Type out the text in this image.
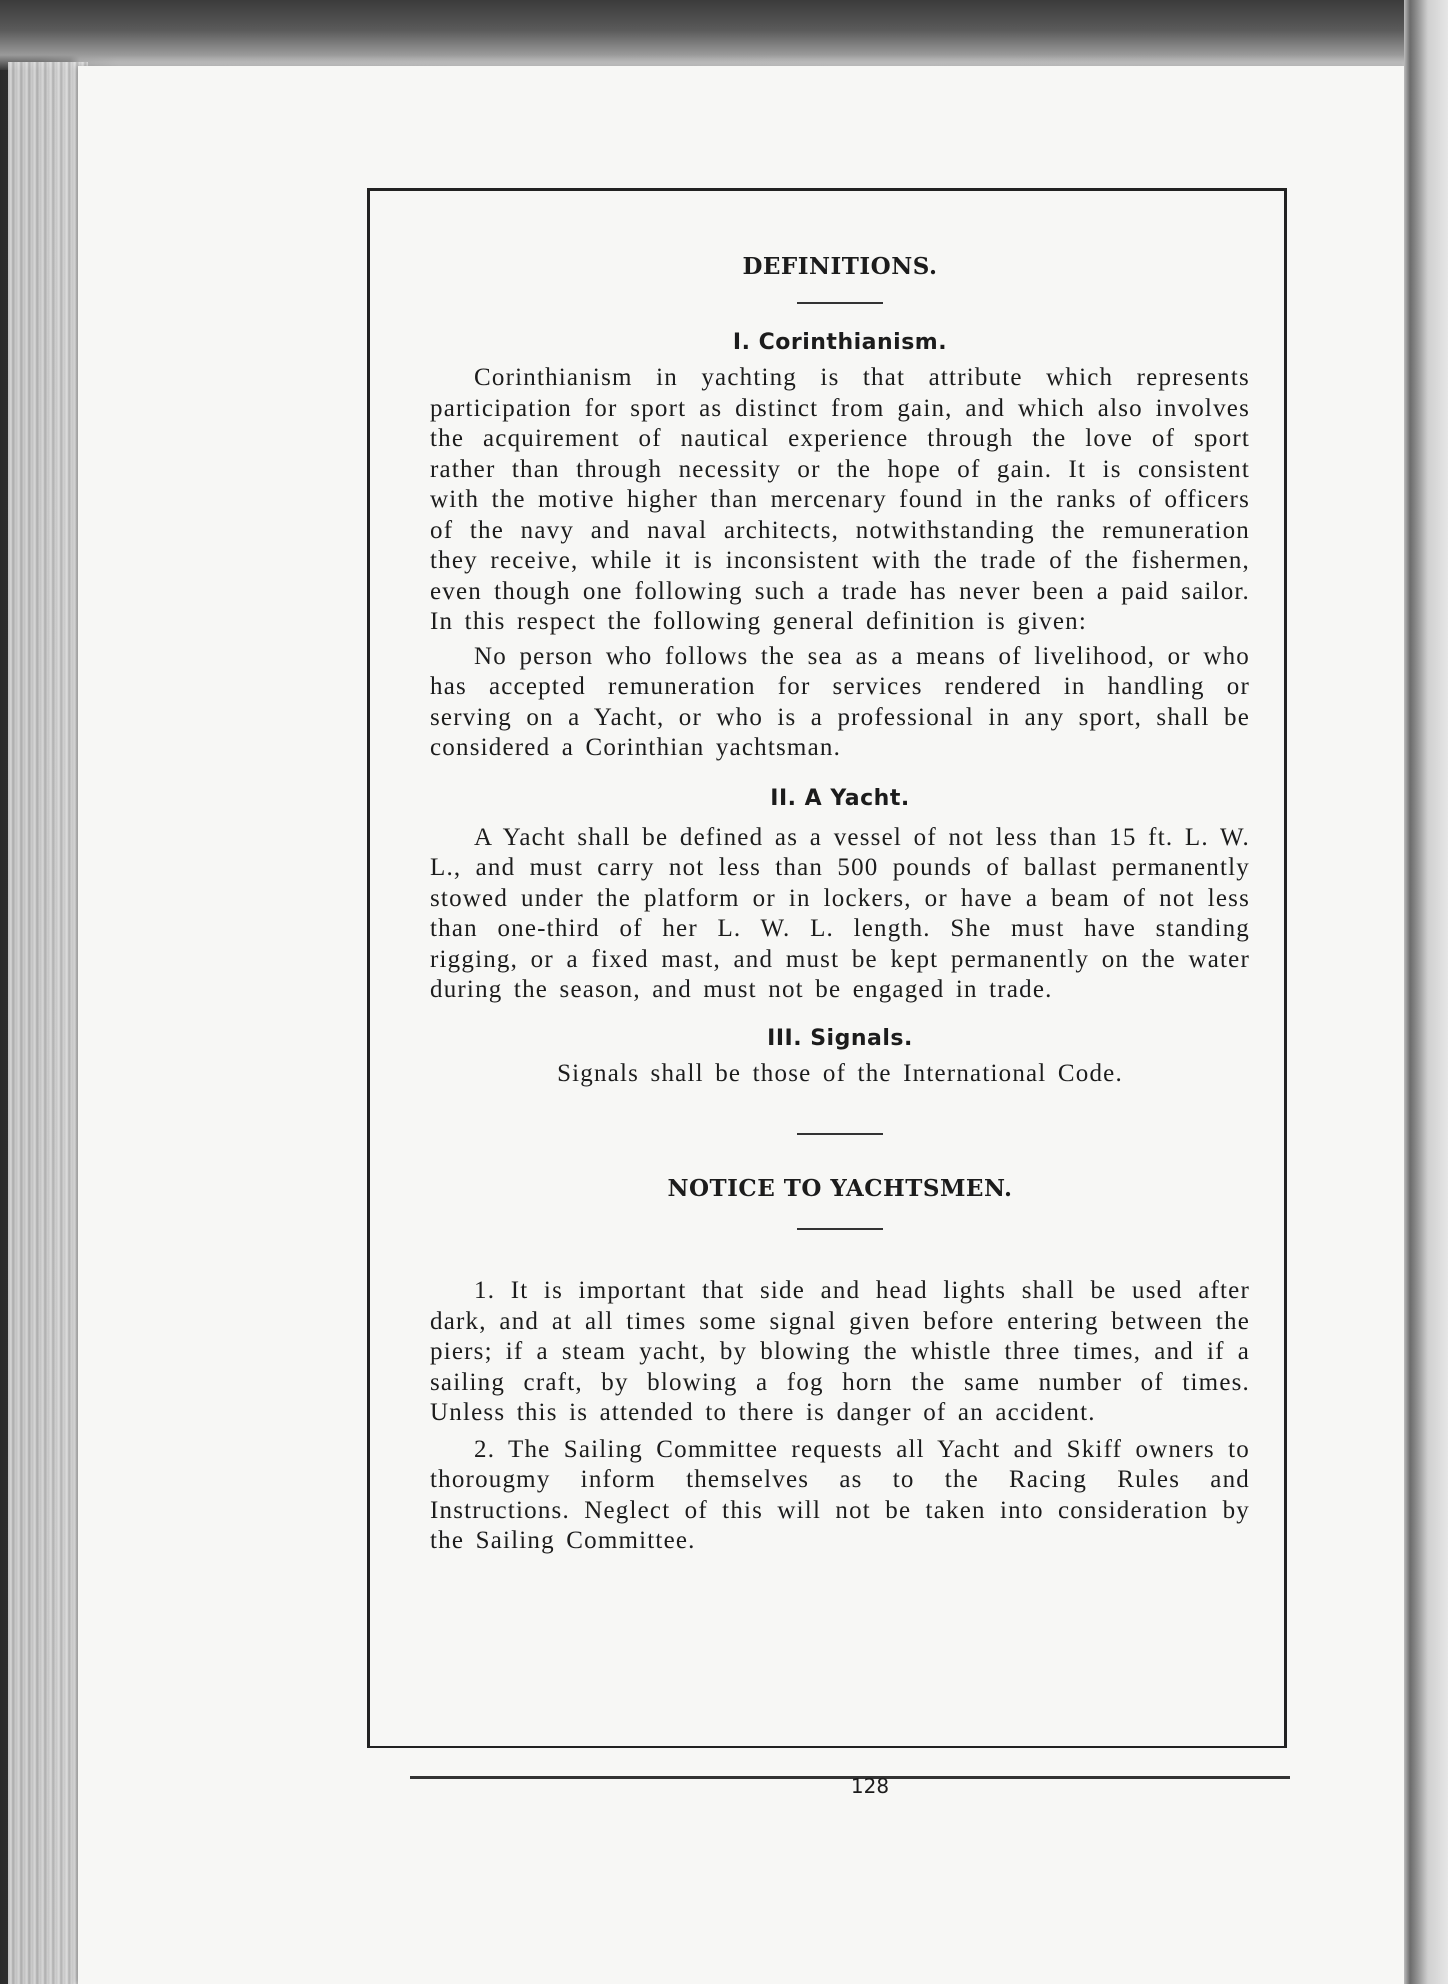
DEFINITIONS.
I. Corinthianism.

Corinthianism in yachting is that attribute which represents participation for sport as distinct from gain, and which also involves the acquirement of nautical experience through the love of sport rather than through necessity or the hope of gain. It is consistent with the motive higher than mercenary found in the ranks of officers of the navy and naval architects, notwithstanding the remuneration they receive, while it is inconsistent with the trade of the fishermen, even though one following such a trade has never been a paid sailor. In this respect the following general definition is given:

No person who follows the sea as a means of livelihood, or who has accepted remuneration for services rendered in handling or serving on a Yacht, or who is a professional in any sport, shall be considered a Corinthian yachtsman.

II. A Yacht.

A Yacht shall be defined as a vessel of not less than 15 ft. L. W. L., and must carry not less than 500 pounds of ballast permanently stowed under the platform or in lockers, or have a beam of not less than one-third of her L. W. L. length. She must have standing rigging, or a fixed mast, and must be kept permanently on the water during the season, and must not be engaged in trade.

III. Signals.

Signals shall be those of the International Code.

NOTICE TO YACHTSMEN.

1. It is important that side and head lights shall be used after dark, and at all times some signal given before entering between the piers; if a steam yacht, by blowing the whistle three times, and if a sailing craft, by blowing a fog horn the same number of times. Unless this is attended to there is danger of an accident.

2. The Sailing Committee requests all Yacht and Skiff owners to thorougmy inform themselves as to the Racing Rules and Instructions. Neglect of this will not be taken into consideration by the Sailing Committee.

128
